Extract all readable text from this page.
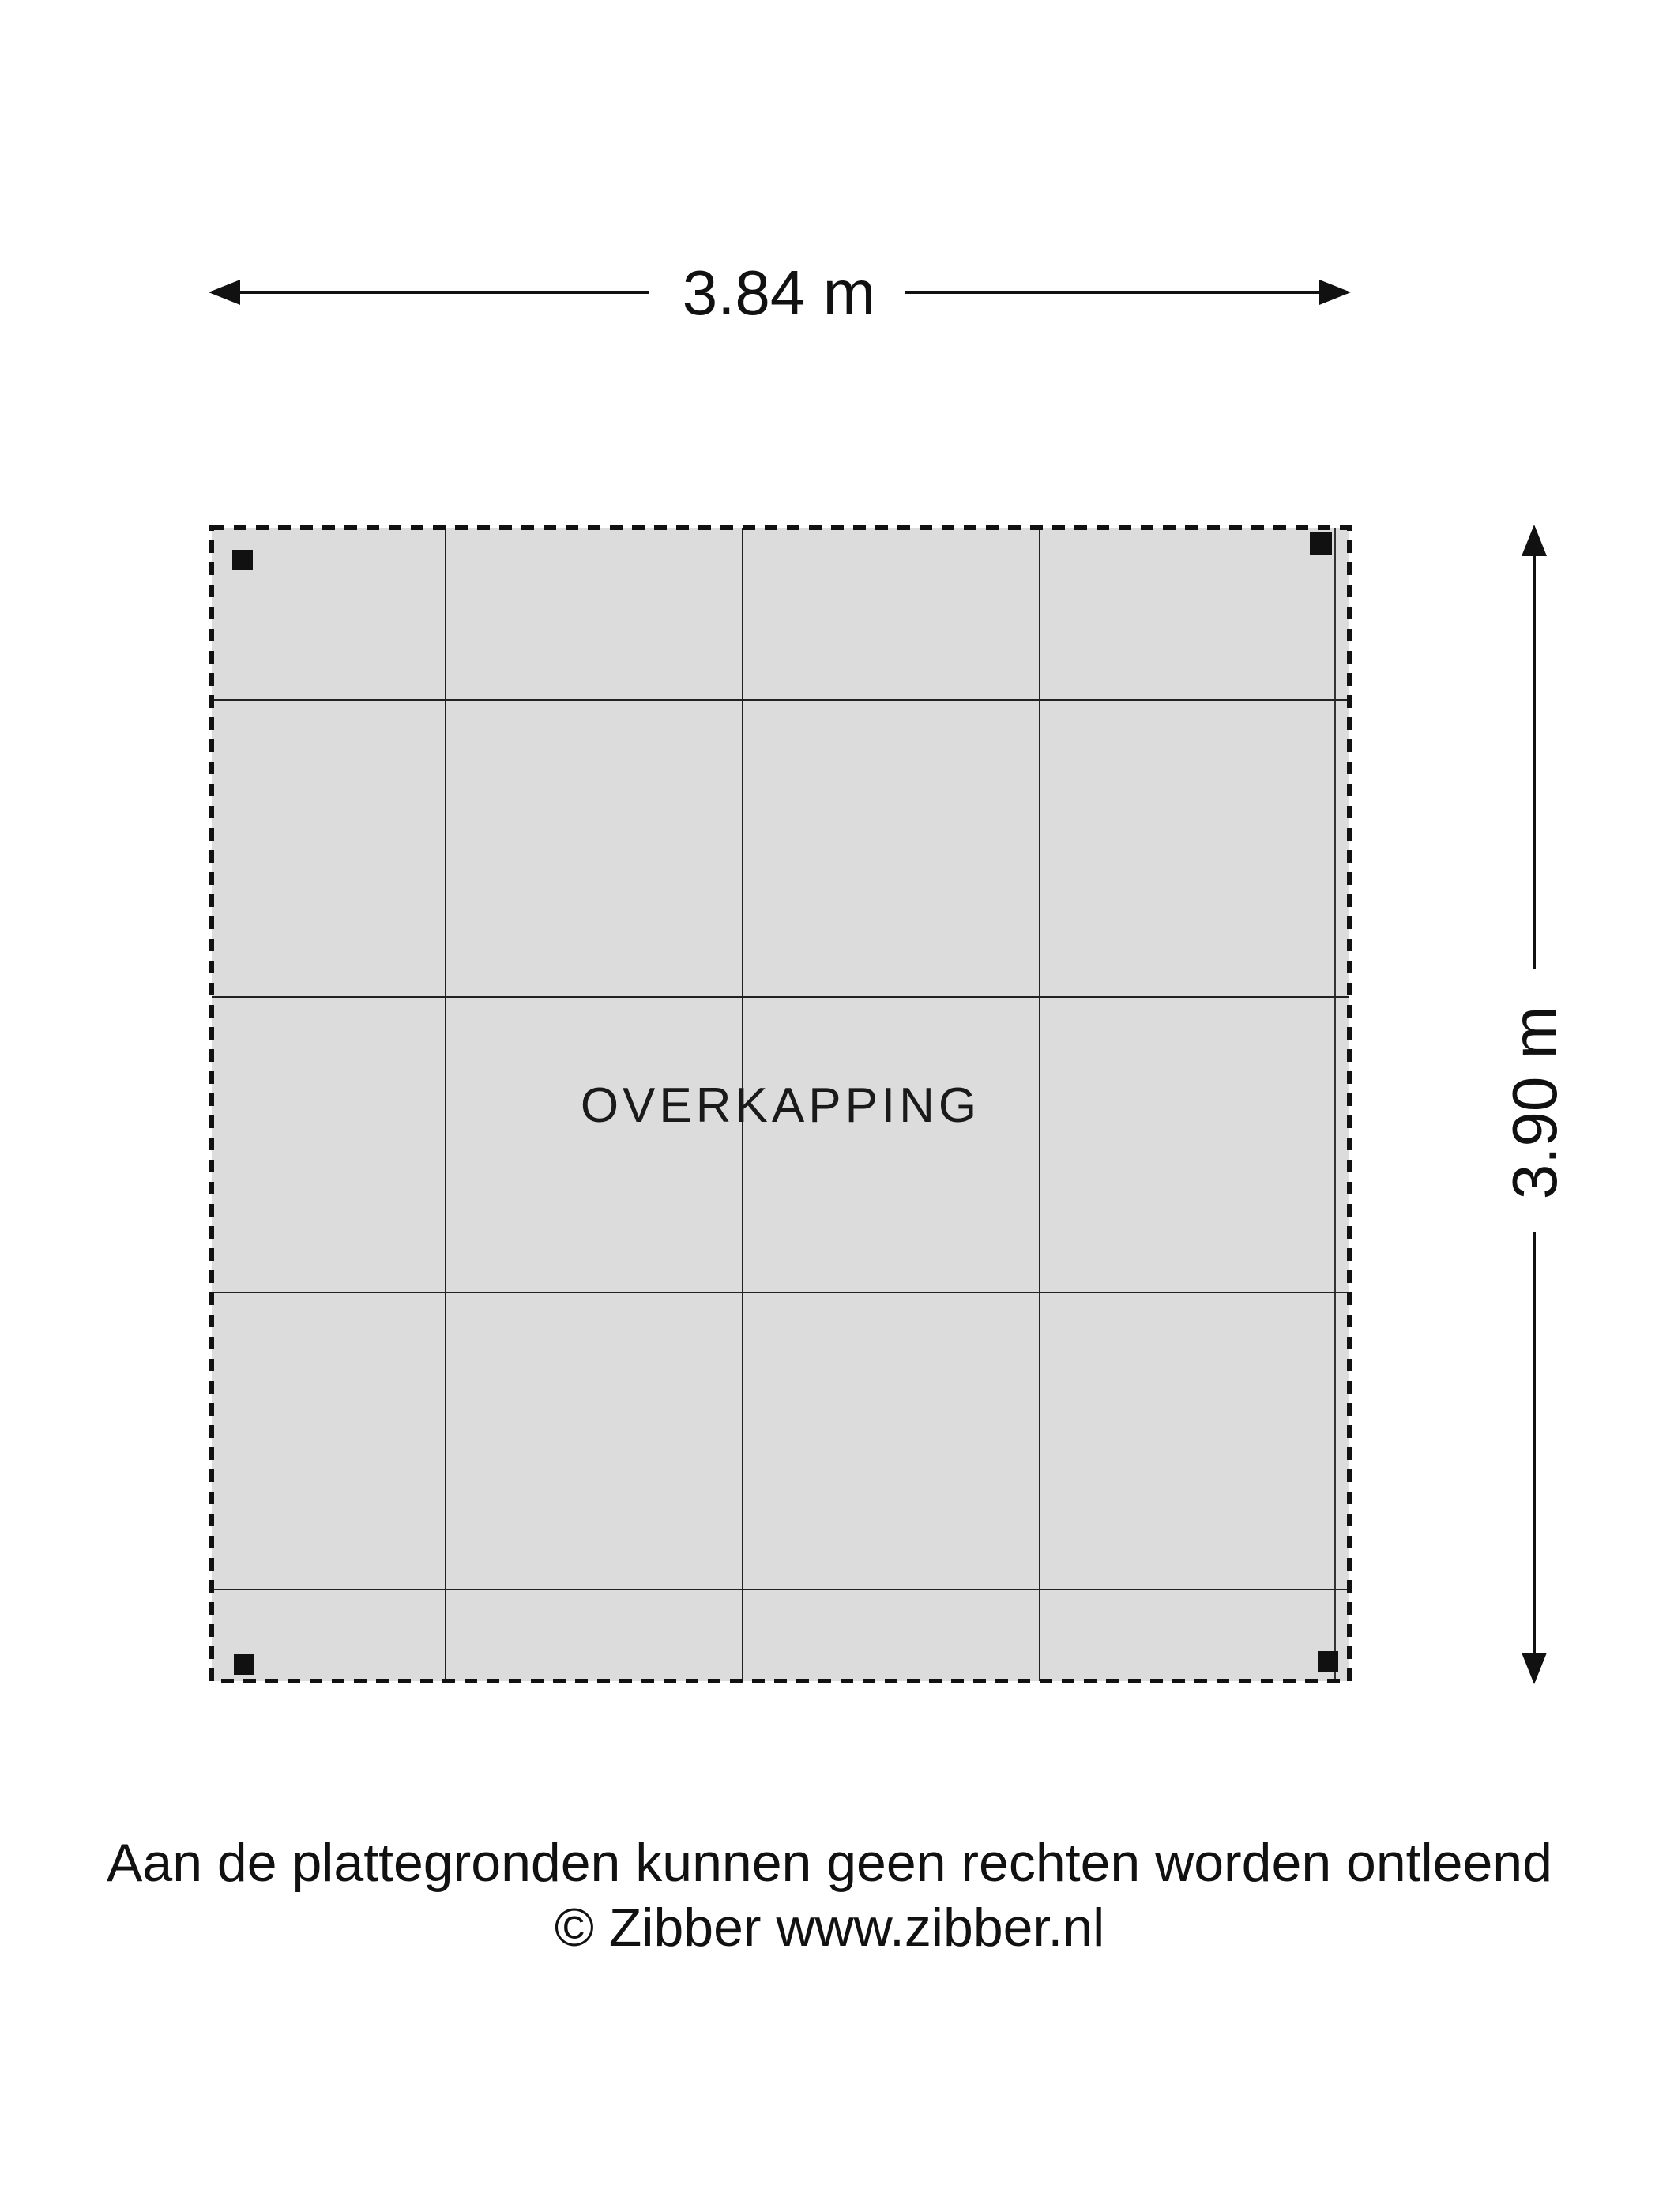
3.84 m
3.90 m
OVERKAPPING
Aan de plattegronden kunnen geen rechten worden ontleend
© Zibber www.zibber.nl
